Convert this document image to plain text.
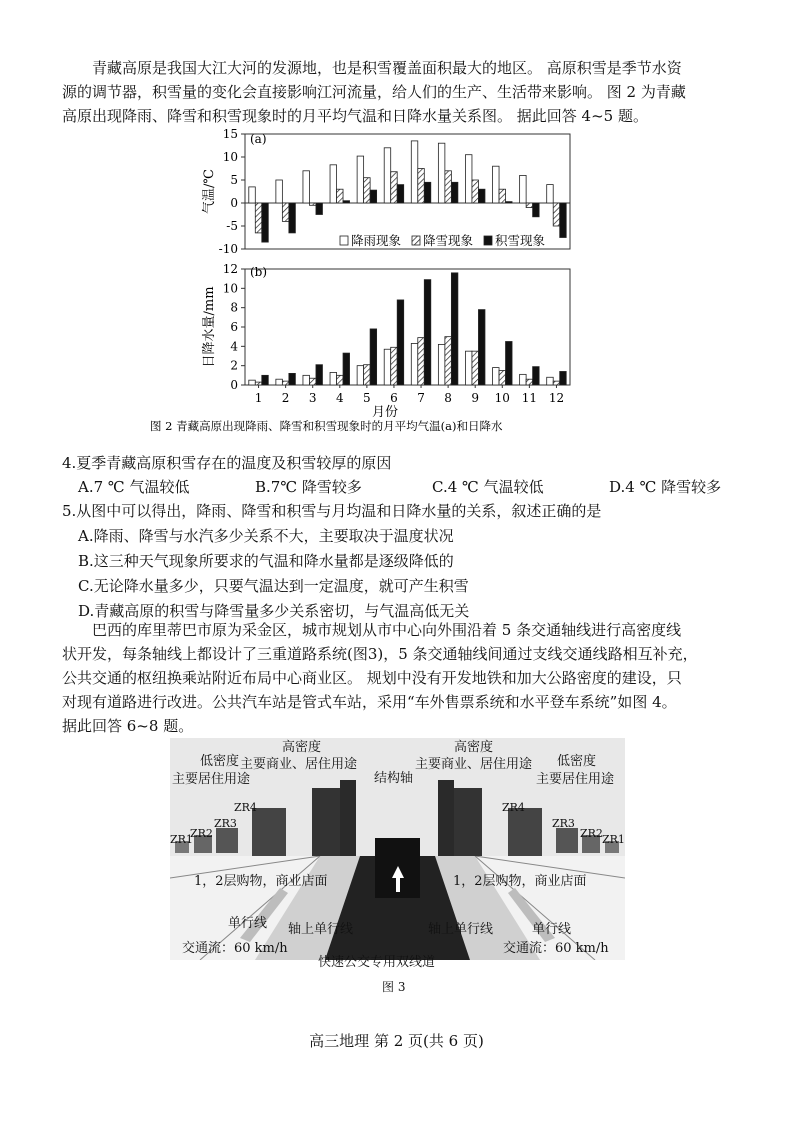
青藏高原是我国大江大河的发源地，也是积雪覆盖面积最大的地区。 高原积雪是季节水资
源的调节器，积雪量的变化会直接影响江河流量，给人们的生产、生活带来影响。 图 2 为青藏
高原出现降雨、降雪和积雪现象时的月平均气温和日降水量关系图。 据此回答 4~5 题。
-10
-5
0
5
10
15
气温/℃
降雨现象 降雪现象 积雪现象
0
2
4
6
8
10
12
日降水量/mm
1 2 3 4 5 6 7 8 9 10 11 12
(a)
(b)
月份
图 2 青藏高原出现降雨、降雪和积雪现象时的月平均气温(a)和日降水
4.夏季青藏高原积雪存在的温度及积雪较厚的原因
A.7 ℃ 气温较低	B.7℃ 降雪较多	C.4 ℃ 气温较低	D.4 ℃ 降雪较多
5.从图中可以得出，降雨、降雪和积雪与月均温和日降水量的关系，叙述正确的是
A.降雨、降雪与水汽多少关系不大，主要取决于温度状况
B.这三种天气现象所要求的气温和降水量都是逐级降低的
C.无论降水量多少，只要气温达到一定温度，就可产生积雪
D.青藏高原的积雪与降雪量多少关系密切，与气温高低无关
巴西的库里蒂巴市原为采金区，城市规划从市中心向外围沿着 5 条交通轴线进行高密度线
状开发，每条轴线上都设计了三重道路系统(图3)，5 条交通轴线间通过支线交通线路相互补充，
公共交通的枢纽换乘站附近布局中心商业区。 规划中没有开发地铁和加大公路密度的建设，只
对现有道路进行改进。公共汽车站是管式车站，采用“车外售票系统和水平登车系统”如图 4。
据此回答 6~8 题。
低密度
主要居住用途
高密度
主要商业、居住用途
结构轴
高密度
主要商业、居住用途 低密度
主要居住用途
ZR4
ZR3
ZR2
ZR1
ZR4
ZR3
ZR2 ZR1
1，2层购物，商业店面	1，2层购物，商业店面
单行线 轴上单行线	轴上单行线	单行线
交通流：60 km/h	交通流：60 km/h
快速公交专用双线道
图 3
高三地理 第 2 页(共 6 页)
